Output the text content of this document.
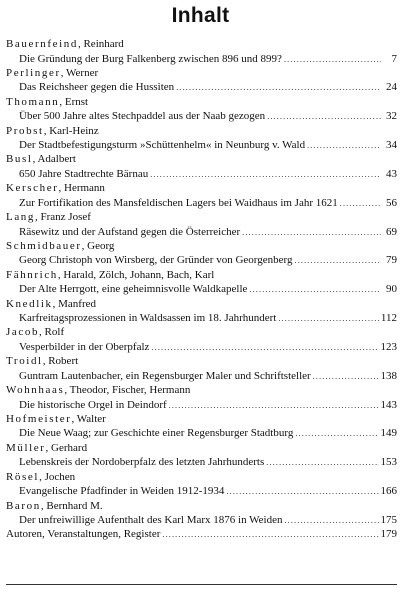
Inhalt
Bauernfeind, Reinhard
Die Gründung der Burg Falkenberg zwischen 896 und 899? .....	7
Perlinger, Werner
Das Reichsheer gegen die Hussiten .....	24
Thomann, Ernst
Über 500 Jahre altes Stechpaddel aus der Naab gezogen .....	32
Probst, Karl-Heinz
Der Stadtbefestigungsturm »Schüttenhelm« in Neunburg v. Wald .....	34
Busl, Adalbert
650 Jahre Stadtrechte Bärnau .....	43
Kerscher, Hermann
Zur Fortifikation des Mansfeldischen Lagers bei Waidhaus im Jahr 1621 .....	56
Lang, Franz Josef
Räsewitz und der Aufstand gegen die Österreicher .....	69
Schmidbauer, Georg
Georg Christoph von Wirsberg, der Gründer von Georgenberg .....	79
Fähnrich, Harald, Zölch, Johann, Bach, Karl
Der Alte Herrgott, eine geheimnisvolle Waldkapelle .....	90
Knedlik, Manfred
Karfreitagsprozessionen in Waldsassen im 18. Jahrhundert .....	112
Jacob, Rolf
Vesperbilder in der Oberpfalz .....	123
Troidl, Robert
Guntram Lautenbacher, ein Regensburger Maler und Schriftsteller .....	138
Wohnhaas, Theodor, Fischer, Hermann
Die historische Orgel in Deindorf .....	143
Hofmeister, Walter
Die Neue Waag; zur Geschichte einer Regensburger Stadtburg .....	149
Müller, Gerhard
Lebenskreis der Nordoberpfalz des letzten Jahrhunderts .....	153
Rösel, Jochen
Evangelische Pfadfinder in Weiden 1912-1934 .....	166
Baron, Bernhard M.
Der unfreiwillige Aufenthalt des Karl Marx 1876 in Weiden .....	175
Autoren, Veranstaltungen, Register .....	179
